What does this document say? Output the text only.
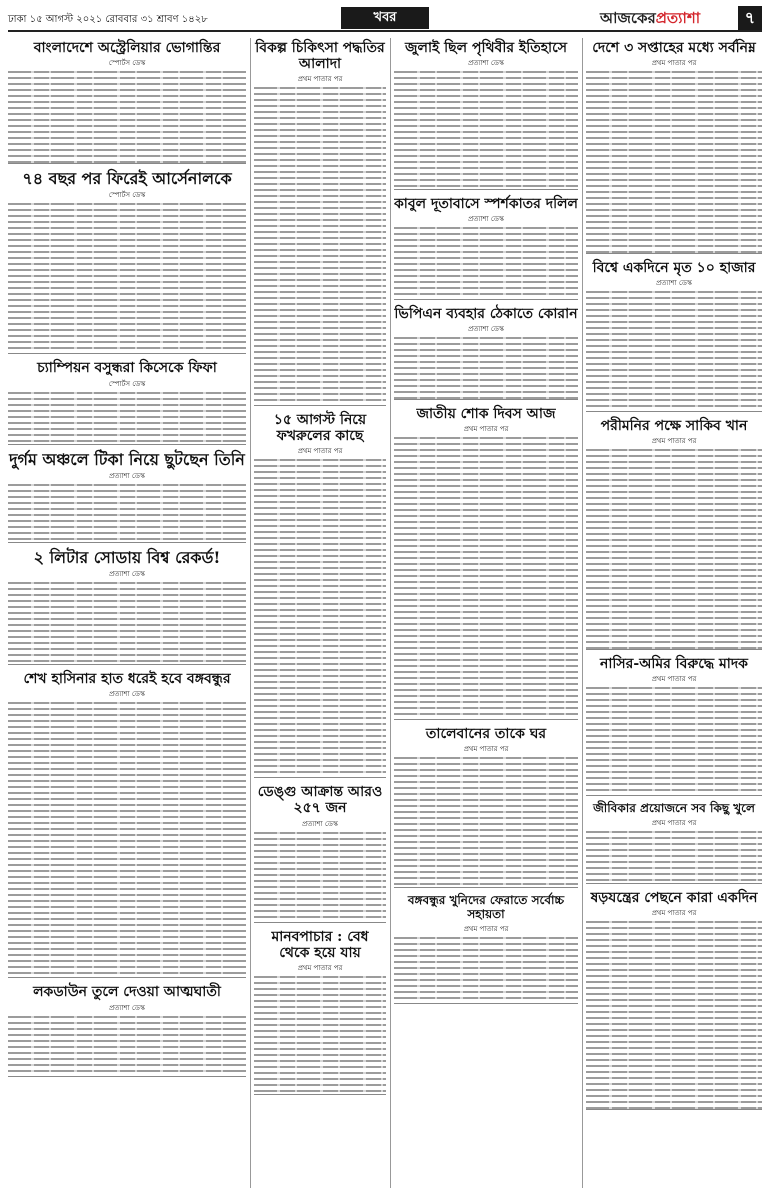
ঢাকা ১৫ আগস্ট ২০২১ রোববার ৩১ শ্রাবণ ১৪২৮	খবর	আজকেরপ্রত্যাশা	৭
বাংলাদেশে অস্ট্রেলিয়ার ভোগান্তির
স্পোর্টস ডেস্ক
৭৪ বছর পর ফিরেই আর্সেনালকে
স্পোর্টস ডেস্ক
চ্যাম্পিয়ন বসুন্ধরা কিসেকে ফিফা
স্পোর্টস ডেস্ক
দুর্গম অঞ্চলে টিকা নিয়ে ছুটছেন তিনি
প্রত্যাশা ডেস্ক
২ লিটার সোডায় বিশ্ব রেকর্ড!
প্রত্যাশা ডেস্ক
শেখ হাসিনার হাত ধরেই হবে বঙ্গবন্ধুর
প্রত্যাশা ডেস্ক
লকডাউন তুলে দেওয়া আত্মঘাতী
প্রত্যাশা ডেস্ক
বিকল্প চিকিৎসা পদ্ধতির আলাদা
প্রথম পাতার পর
১৫ আগস্ট নিয়ে ফখরুলের কাছে
প্রথম পাতার পর
ডেঙ্গু আক্রান্ত আরও ২৫৭ জন
প্রত্যাশা ডেস্ক
মানবপাচার : বেধ থেকে হয়ে যায়
প্রথম পাতার পর
জুলাই ছিল পৃথিবীর ইতিহাসে
প্রত্যাশা ডেস্ক
কাবুল দূতাবাসে স্পর্শকাতর দলিল
প্রত্যাশা ডেস্ক
ভিপিএন ব্যবহার ঠেকাতে কোরান
প্রত্যাশা ডেস্ক
জাতীয় শোক দিবস আজ
প্রথম পাতার পর
তালেবানের তাকে ঘর
প্রথম পাতার পর
বঙ্গবন্ধুর খুনিদের ফেরাতে সর্বোচ্চ সহায়তা
প্রথম পাতার পর
দেশে ৩ সপ্তাহের মধ্যে সর্বনিম্ন
প্রথম পাতার পর
বিশ্বে একদিনে মৃত ১০ হাজার
প্রত্যাশা ডেস্ক
পরীমনির পক্ষে সাকিব খান
প্রথম পাতার পর
নাসির-অমির বিরুদ্ধে মাদক
প্রথম পাতার পর
জীবিকার প্রয়োজনে সব কিছু খুলে
প্রথম পাতার পর
ষড়যন্ত্রের পেছনে কারা একদিন
প্রথম পাতার পর
